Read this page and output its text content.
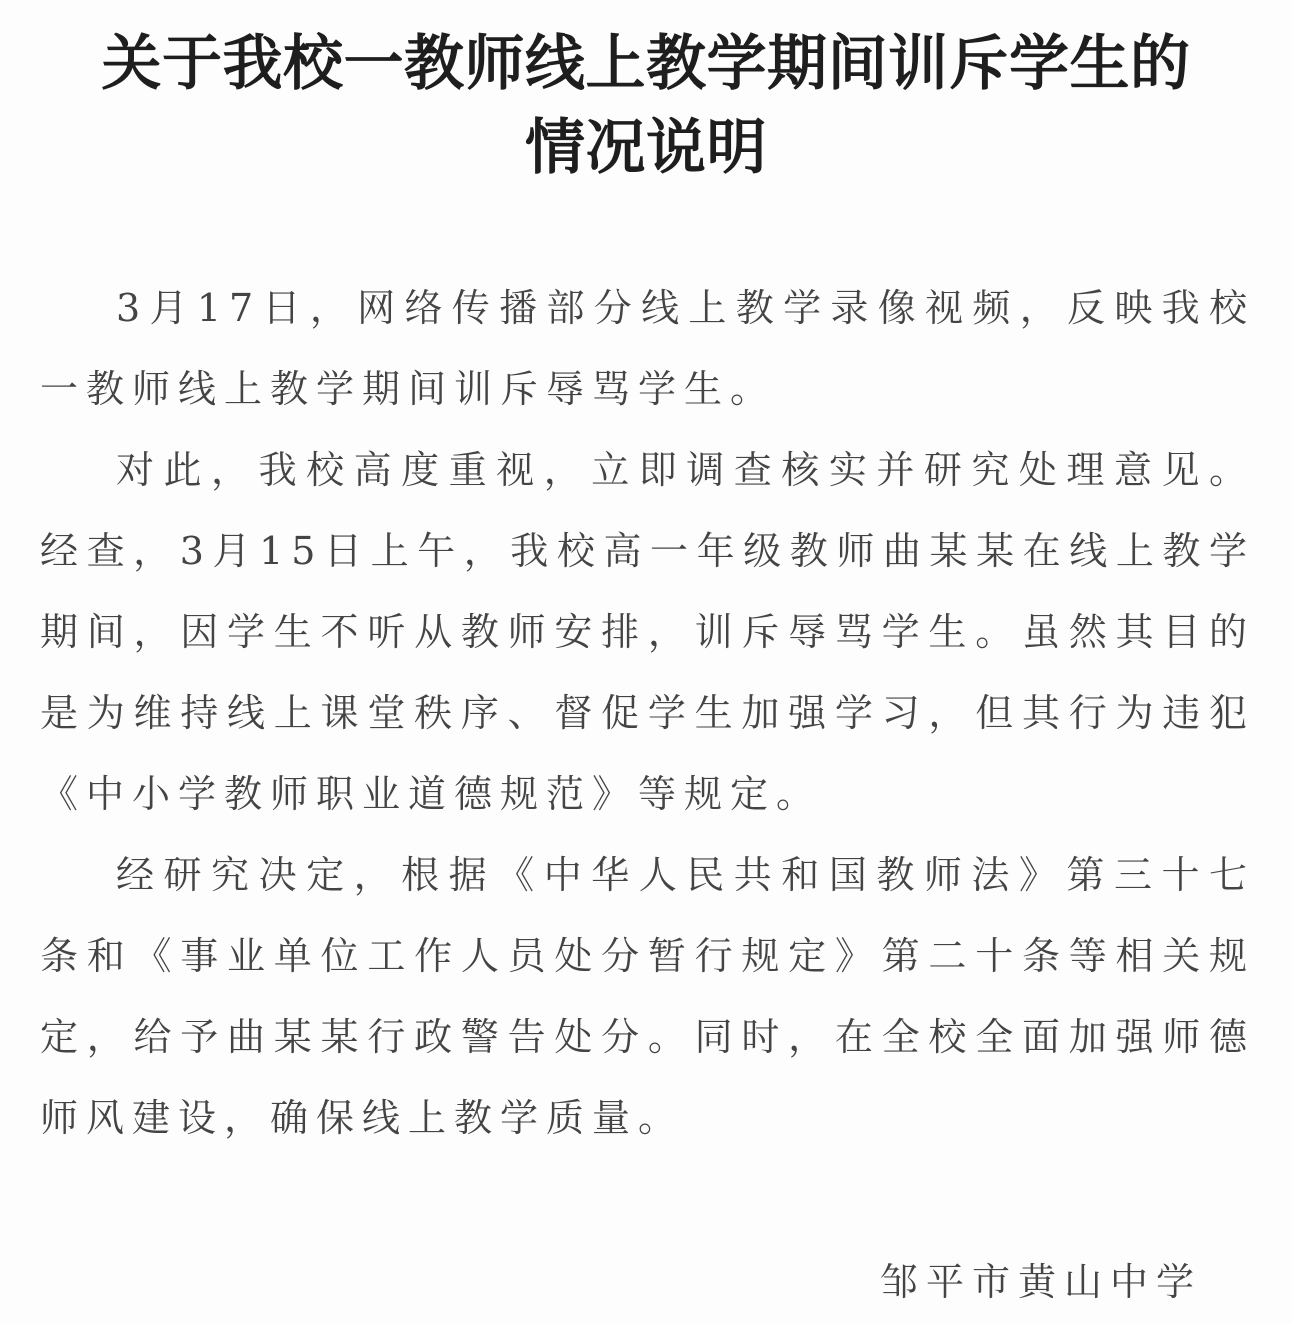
关于我校一教师线上教学期间训斥学生的
情况说明

3月17日，网络传播部分线上教学录像视频，反映我校一教师线上教学期间训斥辱骂学生。

对此，我校高度重视，立即调查核实并研究处理意见。经查，3月15日上午，我校高一年级教师曲某某在线上教学期间，因学生不听从教师安排，训斥辱骂学生。虽然其目的是为维持线上课堂秩序、督促学生加强学习，但其行为违犯《中小学教师职业道德规范》等规定。

经研究决定，根据《中华人民共和国教师法》第三十七条和《事业单位工作人员处分暂行规定》第二十条等相关规定，给予曲某某行政警告处分。同时，在全校全面加强师德师风建设，确保线上教学质量。

邹平市黄山中学
